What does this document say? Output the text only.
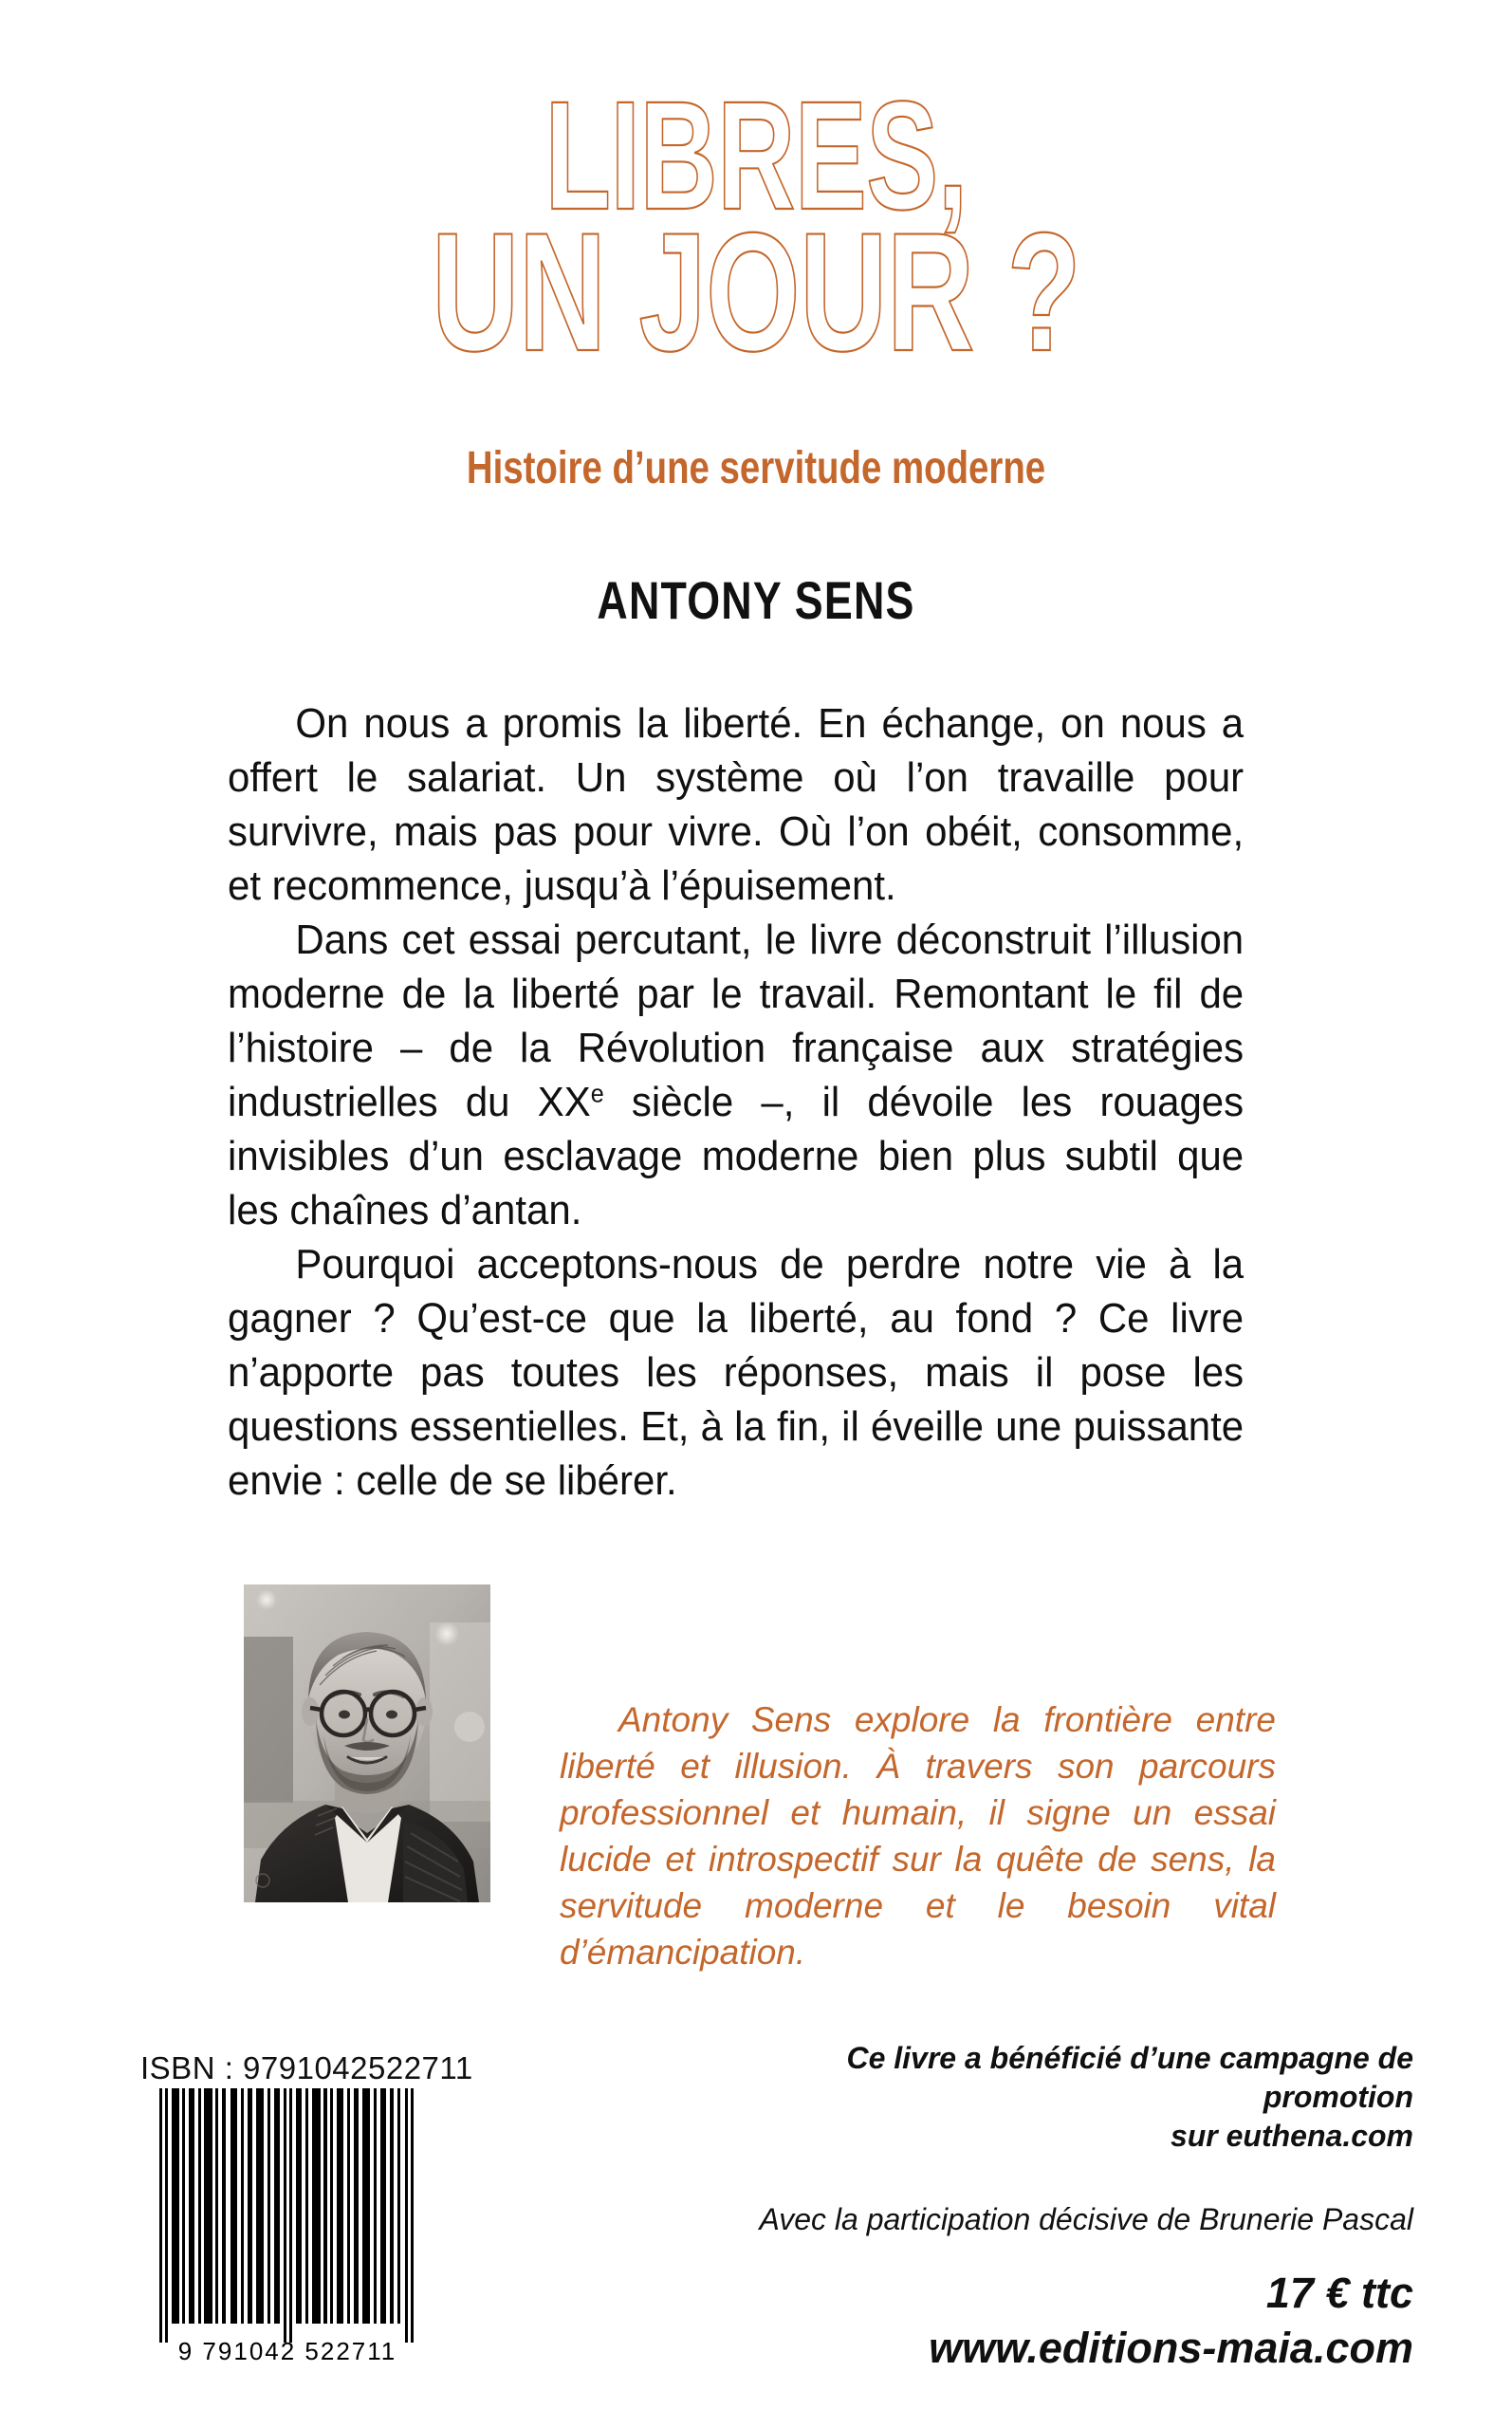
LIBRES,
UN JOUR ?
Histoire d’une servitude moderne
ANTONY SENS

On nous a promis la liberté. En échange, on nous a offert le salariat. Un système où l’on travaille pour survivre, mais pas pour vivre. Où l’on obéit, consomme, et recommence, jusqu’à l’épuisement.

Dans cet essai percutant, le livre déconstruit l’illusion moderne de la liberté par le travail. Remontant le fil de l’histoire – de la Révolution française aux stratégies industrielles du XXe siècle –, il dévoile les rouages invisibles d’un esclavage moderne bien plus subtil que les chaînes d’antan.

Pourquoi acceptons-nous de perdre notre vie à la gagner ? Qu’est-ce que la liberté, au fond ? Ce livre n’apporte pas toutes les réponses, mais il pose les questions essentielles. Et, à la fin, il éveille une puissante envie : celle de se libérer.

Antony Sens explore la frontière entre liberté et illusion. À travers son parcours professionnel et humain, il signe un essai lucide et introspectif sur la quête de sens, la servitude moderne et le besoin vital d’émancipation.

ISBN : 9791042522711
9 791042 522711
Ce livre a bénéficié d’une campagne de promotion
sur euthena.com
Avec la participation décisive de Brunerie Pascal
17 € ttc
www.editions-maia.com
